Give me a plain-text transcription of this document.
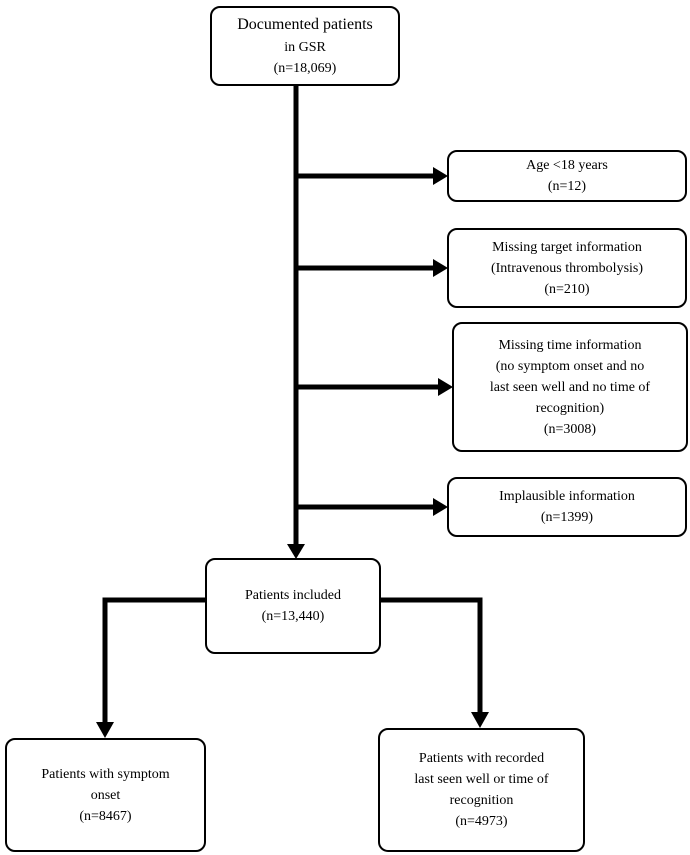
Documented patients
in GSR
(n=18,069)
Age <18 years
(n=12)
Missing target information
(Intravenous thrombolysis)
(n=210)
Missing time information
(no symptom onset and no
last seen well and no time of
recognition)
(n=3008)
Implausible information
(n=1399)
Patients included
(n=13,440)
Patients with symptom
onset
(n=8467)
Patients with recorded
last seen well or time of
recognition
(n=4973)
